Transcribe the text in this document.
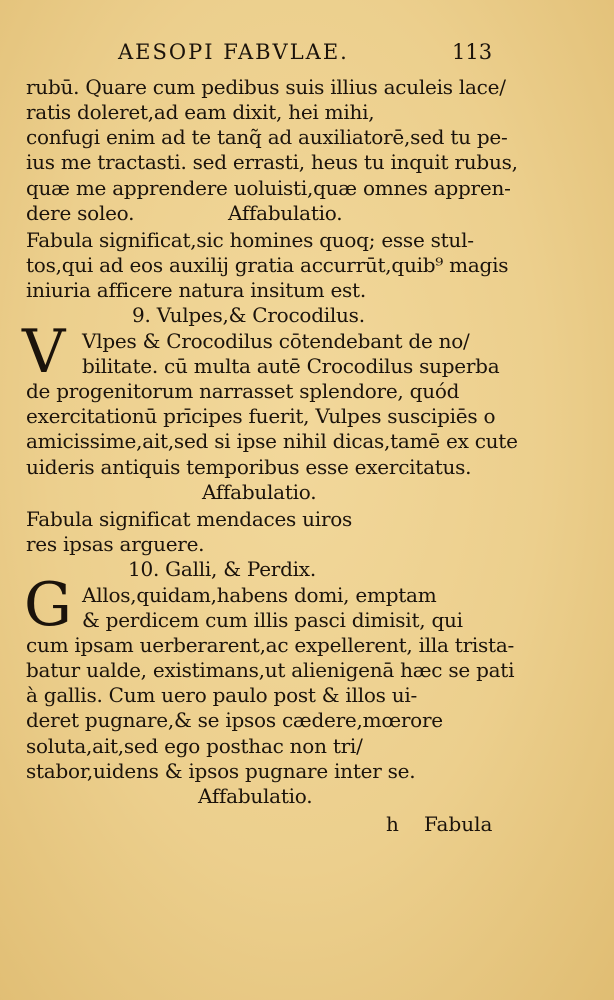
AESOPI FABVLAE.	113
rubū. Quare cum pedibus suis illius aculeis lace/
ratis doleret,ad eam dixit, hei mihi,
confugi enim ad te tanq̃ ad auxiliatorē,sed tu pe-
ius me tractasti. sed errasti, heus tu inquit rubus,
quæ me apprendere uoluisti,quæ omnes appren-
dere soleo.	Affabulatio.
Fabula significat,sic homines quoq; esse stul-
tos,qui ad eos auxilij gratia accurrūt,quib⁹ magis
iniuria afficere natura insitum est.
9. Vulpes,& Crocodilus.
V Vlpes & Crocodilus cōtendebant de no/
bilitate. cū multa autē Crocodilus superba
de progenitorum narrasset splendore, quód
exercitationū prīcipes fuerit, Vulpes suscipiēs o
amicissime,ait,sed si ipse nihil dicas,tamē ex cute
uideris antiquis temporibus esse exercitatus.
Affabulatio.
Fabula significat mendaces uiros
res ipsas arguere.
10. Galli, & Perdix.
G Allos,quidam,habens domi, emptam
& perdicem cum illis pasci dimisit, qui
cum ipsam uerberarent,ac expellerent, illa trista-
batur ualde, existimans,ut alienigenā hæc se pati
à gallis. Cum uero paulo post & illos ui-
deret pugnare,& se ipsos cædere,mœrore
soluta,ait,sed ego posthac non tri/
stabor,uidens & ipsos pugnare inter se.
Affabulatio.
h Fabula
